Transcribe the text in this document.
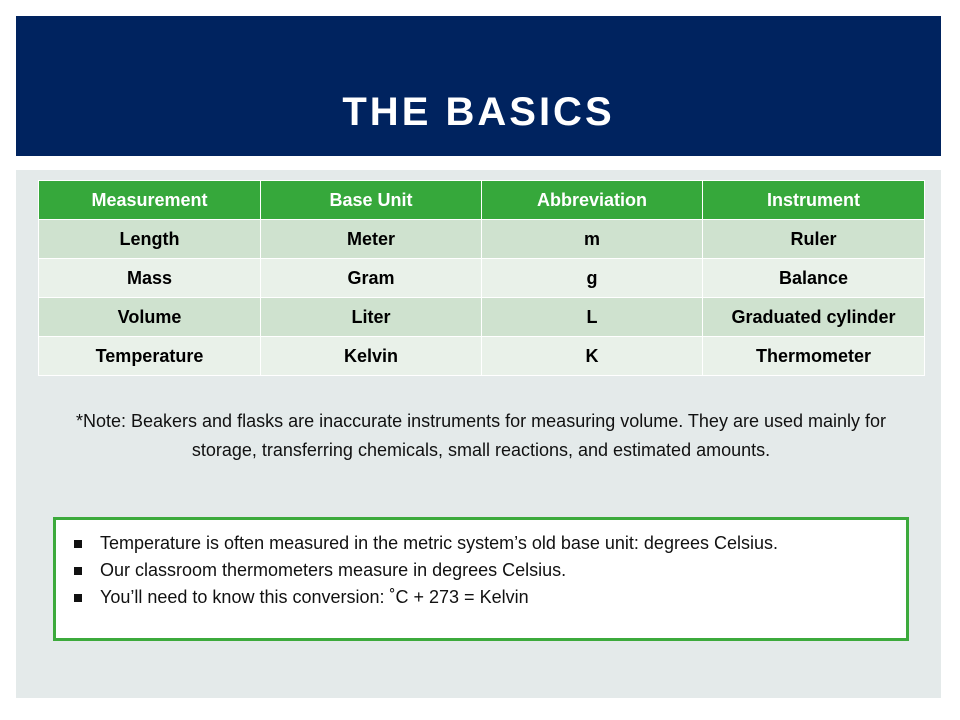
THE BASICS
Measurement	Base Unit	Abbreviation	Instrument
Length	Meter	m	Ruler
Mass	Gram	g	Balance
Volume	Liter	L	Graduated cylinder
Temperature	Kelvin	K	Thermometer
*Note: Beakers and flasks are inaccurate instruments for measuring volume. They are used mainly for storage, transferring chemicals, small reactions, and estimated amounts.
Temperature is often measured in the metric system’s old base unit: degrees Celsius.
Our classroom thermometers measure in degrees Celsius.
You’ll need to know this conversion: ˚C + 273 = Kelvin
